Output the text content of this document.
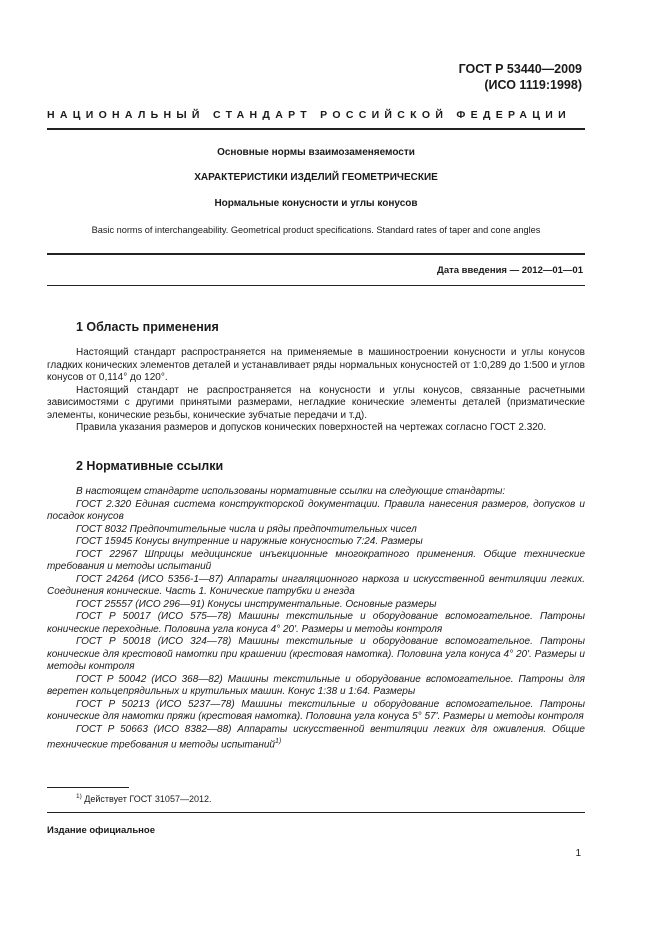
ГОСТ Р 53440—2009
(ИСО 1119:1998)
НАЦИОНАЛЬНЫЙ СТАНДАРТ РОССИЙСКОЙ ФЕДЕРАЦИИ
Основные нормы взаимозаменяемости
ХАРАКТЕРИСТИКИ ИЗДЕЛИЙ ГЕОМЕТРИЧЕСКИЕ
Нормальные конусности и углы конусов
Basic norms of interchangeability. Geometrical product specifications. Standard rates of taper and cone angles
Дата введения — 2012—01—01
1 Область применения

Настоящий стандарт распространяется на применяемые в машиностроении конусности и углы конусов гладких конических элементов деталей и устанавливает ряды нормальных конусностей от 1:0,289 до 1:500 и углов конусов от 0,114° до 120°.

Настоящий стандарт не распространяется на конусности и углы конусов, связанные расчетными зависимостями с другими принятыми размерами, негладкие конические элементы деталей (призматические элементы, конические резьбы, конические зубчатые передачи и т.д).

Правила указания размеров и допусков конических поверхностей на чертежах согласно ГОСТ 2.320.

2 Нормативные ссылки

В настоящем стандарте использованы нормативные ссылки на следующие стандарты:

ГОСТ 2.320 Единая система конструкторской документации. Правила нанесения размеров, допусков и посадок конусов

ГОСТ 8032 Предпочтительные числа и ряды предпочтительных чисел

ГОСТ 15945 Конусы внутренние и наружные конусностью 7:24. Размеры

ГОСТ 22967 Шприцы медицинские инъекционные многократного применения. Общие технические требования и методы испытаний

ГОСТ 24264 (ИСО 5356-1—87) Аппараты ингаляционного наркоза и искусственной вентиляции легких. Соединения конические. Часть 1. Конические патрубки и гнезда

ГОСТ 25557 (ИСО 296—91) Конусы инструментальные. Основные размеры

ГОСТ Р 50017 (ИСО 575—78) Машины текстильные и оборудование вспомогательное. Патроны конические переходные. Половина угла конуса 4° 20'. Размеры и методы контроля

ГОСТ Р 50018 (ИСО 324—78) Машины текстильные и оборудование вспомогательное. Патроны конические для крестовой намотки при крашении (крестовая намотка). Половина угла конуса 4° 20'. Размеры и методы контроля

ГОСТ Р 50042 (ИСО 368—82) Машины текстильные и оборудование вспомогательное. Патроны для веретен кольцепрядильных и крутильных машин. Конус 1:38 и 1:64. Размеры

ГОСТ Р 50213 (ИСО 5237—78) Машины текстильные и оборудование вспомогательное. Патроны конические для намотки пряжи (крестовая намотка). Половина угла конуса 5° 57'. Размеры и методы контроля

ГОСТ Р 50663 (ИСО 8382—88) Аппараты искусственной вентиляции легких для оживления. Общие технические требования и методы испытаний$^{1)}$

$^{1)}$ Действует ГОСТ 31057—2012.
Издание официальное
1
